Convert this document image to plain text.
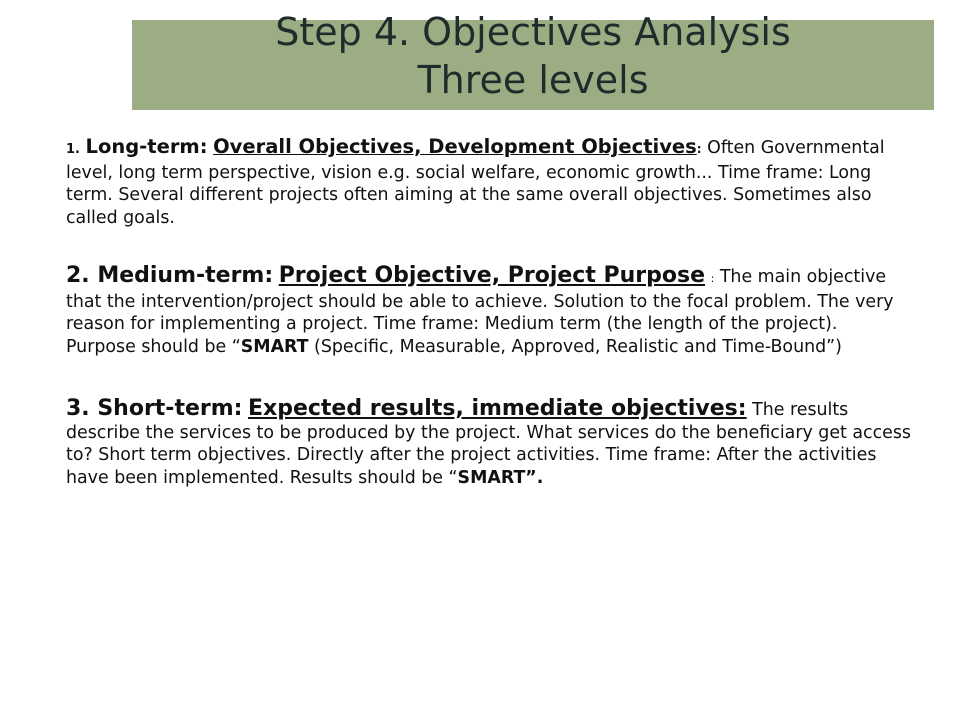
Step 4. Objectives Analysis
Three levels

1. Long-term: Overall Objectives, Development Objectives: Often Governmental level, long term perspective, vision e.g. social welfare, economic growth... Time frame: Long term. Several different projects often aiming at the same overall objectives. Sometimes also called goals.

2. Medium-term: Project Objective, Project Purpose : The main objective that the intervention/project should be able to achieve. Solution to the focal problem. The very reason for implementing a project. Time frame: Medium term (the length of the project). Purpose should be “SMART (Specific, Measurable, Approved, Realistic and Time-Bound”)

3. Short-term: Expected results, immediate objectives: The results describe the services to be produced by the project. What services do the beneficiary get access to? Short term objectives. Directly after the project activities. Time frame: After the activities have been implemented. Results should be “SMART”.
